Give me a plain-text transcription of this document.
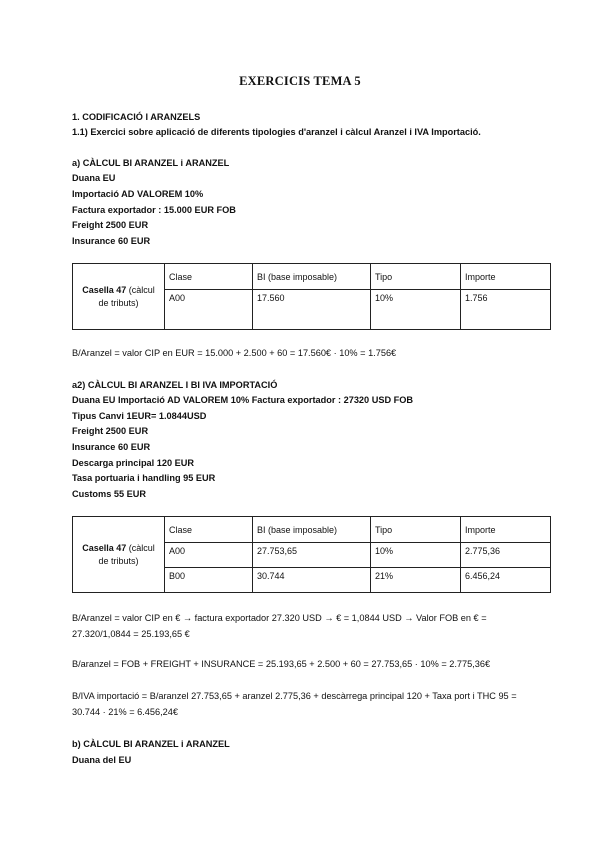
EXERCICIS TEMA 5
1. CODIFICACIÓ I ARANZELS
1.1) Exercici sobre aplicació de diferents tipologies d'aranzel i càlcul Aranzel i IVA Importació.
a) CÀLCUL BI ARANZEL i ARANZEL
Duana EU
Importació AD VALOREM 10%
Factura exportador : 15.000 EUR FOB
Freight 2500 EUR
Insurance 60 EUR
Casella 47 (càlcul de tributs)	Clase	BI (base imposable)	Tipo	Importe
	A00	17.560	10%	1.756
B/Aranzel = valor CIP en EUR = 15.000 + 2.500 + 60 = 17.560€ · 10% = 1.756€
a2) CÀLCUL BI ARANZEL I BI IVA IMPORTACIÓ
Duana EU Importació AD VALOREM 10% Factura exportador : 27320 USD FOB
Tipus Canvi 1EUR= 1.0844USD
Freight 2500 EUR
Insurance 60 EUR
Descarga principal 120 EUR
Tasa portuaria i handling 95 EUR
Customs 55 EUR
Casella 47 (càlcul de tributs)	Clase	BI (base imposable)	Tipo	Importe
	A00	27.753,65	10%	2.775,36
	B00	30.744	21%	6.456,24
B/Aranzel = valor CIP en € → factura exportador 27.320 USD → € = 1,0844 USD → Valor FOB en € = 27.320/1,0844 = 25.193,65 €
B/aranzel = FOB + FREIGHT + INSURANCE = 25.193,65 + 2.500 + 60 = 27.753,65 · 10% = 2.775,36€
B/IVA importació = B/aranzel 27.753,65 + aranzel 2.775,36 + descàrrega principal 120 + Taxa port i THC 95 = 30.744 · 21% = 6.456,24€
b) CÀLCUL BI ARANZEL i ARANZEL
Duana del EU
